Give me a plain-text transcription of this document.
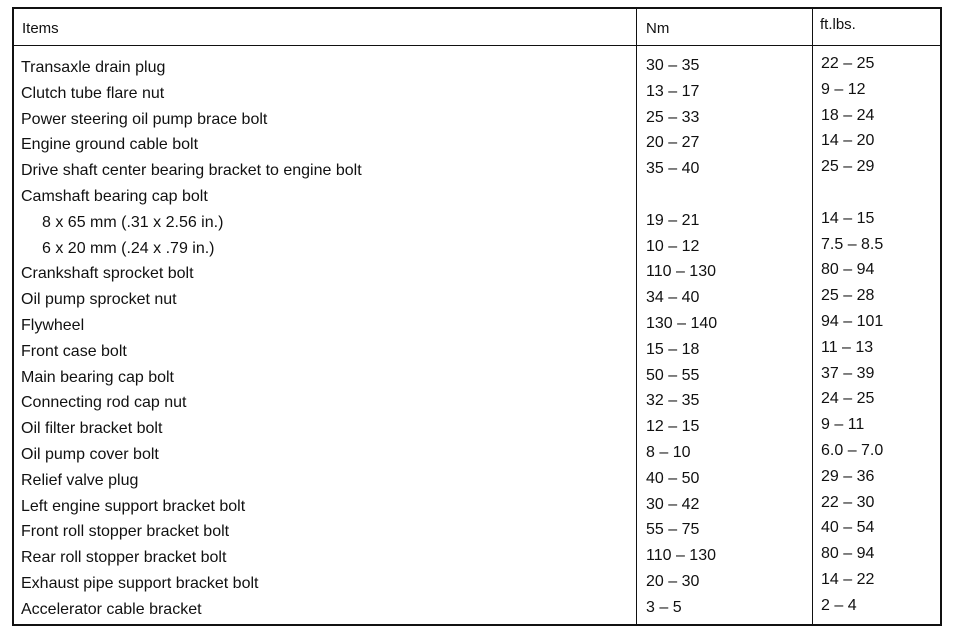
Items	Nm	ft.lbs.
Transaxle drain plug	30 – 35	22 – 25
Clutch tube flare nut	13 – 17	9 – 12
Power steering oil pump brace bolt	25 – 33	18 – 24
Engine ground cable bolt	20 – 27	14 – 20
Drive shaft center bearing bracket to engine bolt	35 – 40	25 – 29
Camshaft bearing cap bolt
8 x 65 mm (.31 x 2.56 in.)	19 – 21	14 – 15
6 x 20 mm (.24 x .79 in.)	10 – 12	7.5 – 8.5
Crankshaft sprocket bolt	110 – 130	80 – 94
Oil pump sprocket nut	34 – 40	25 – 28
Flywheel	130 – 140	94 – 101
Front case bolt	15 – 18	11 – 13
Main bearing cap bolt	50 – 55	37 – 39
Connecting rod cap nut	32 – 35	24 – 25
Oil filter bracket bolt	12 – 15	9 – 11
Oil pump cover bolt	8 – 10	6.0 – 7.0
Relief valve plug	40 – 50	29 – 36
Left engine support bracket bolt	30 – 42	22 – 30
Front roll stopper bracket bolt	55 – 75	40 – 54
Rear roll stopper bracket bolt	110 – 130	80 – 94
Exhaust pipe support bracket bolt	20 – 30	14 – 22
Accelerator cable bracket	3 – 5	2 – 4
